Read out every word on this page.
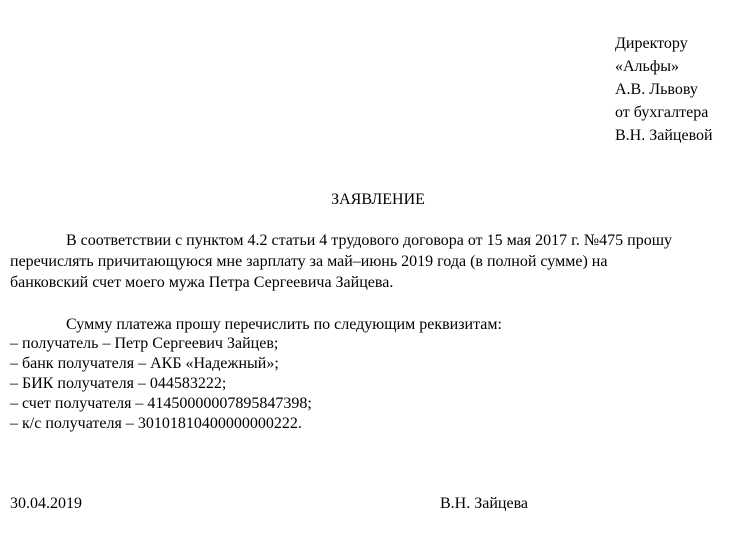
Директору
«Альфы»
А.В. Львову
от бухгалтера
В.Н. Зайцевой
ЗАЯВЛЕНИЕ
В соответствии с пунктом 4.2 статьи 4 трудового договора от 15 мая 2017 г. №475 прошу
перечислять причитающуюся мне зарплату за май–июнь 2019 года (в полной сумме) на
банковский счет моего мужа Петра Сергеевича Зайцева.
Сумму платежа прошу перечислить по следующим реквизитам:
– получатель – Петр Сергеевич Зайцев;
– банк получателя – АКБ «Надежный»;
– БИК получателя – 044583222;
– счет получателя – 41450000007895847398;
– к/с получателя – 30101810400000000222.
30.04.2019	В.Н. Зайцева
